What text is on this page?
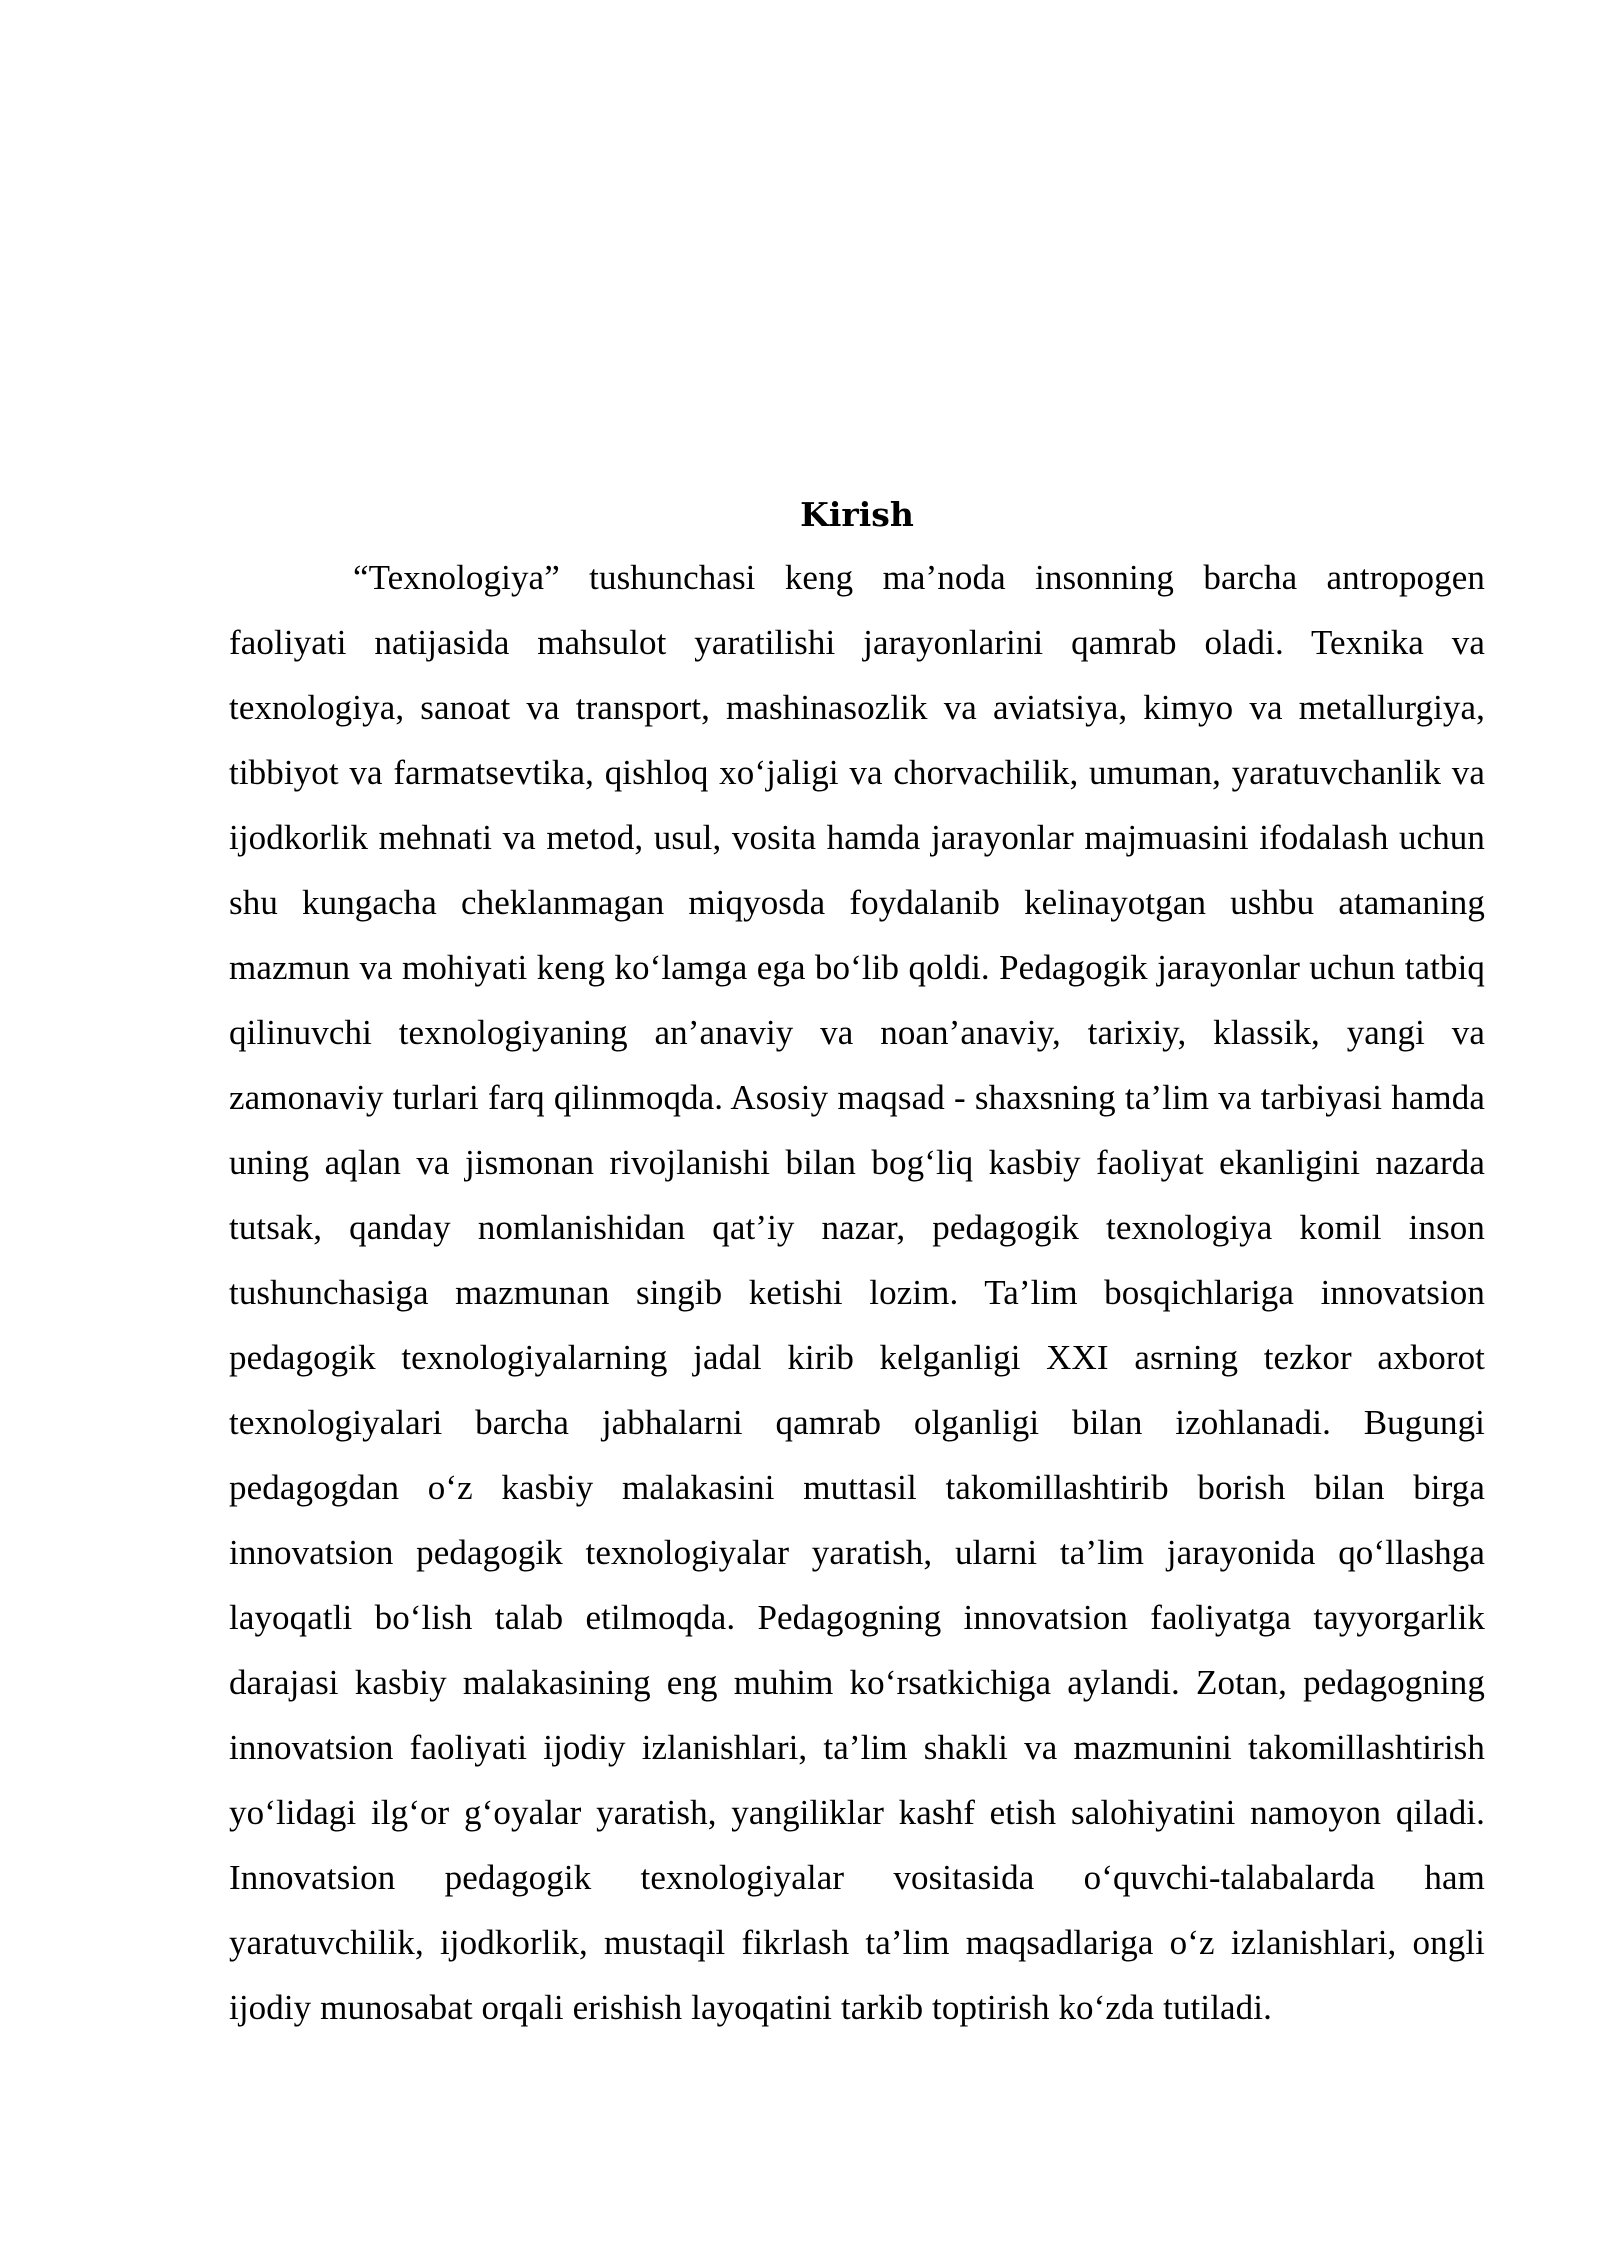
Kirish

“Texnologiya” tushunchasi keng ma’noda insonning barcha antropogen faoliyati natijasida mahsulot yaratilishi jarayonlarini qamrab oladi. Texnika va texnologiya, sanoat va transport, mashinasozlik va aviatsiya, kimyo va metallurgiya, tibbiyot va farmatsevtika, qishloq xo‘jaligi va chorvachilik, umuman, yaratuvchanlik va ijodkorlik mehnati va metod, usul, vosita hamda jarayonlar majmuasini ifodalash uchun shu kungacha cheklanmagan miqyosda foydalanib kelinayotgan ushbu atamaning mazmun va mohiyati keng ko‘lamga ega bo‘lib qoldi. Pedagogik jarayonlar uchun tatbiq qilinuvchi texnologiyaning an’anaviy va noan’anaviy, tarixiy, klassik, yangi va zamonaviy turlari farq qilinmoqda. Asosiy maqsad - shaxsning ta’lim va tarbiyasi hamda uning aqlan va jismonan rivojlanishi bilan bog‘liq kasbiy faoliyat ekanligini nazarda tutsak, qanday nomlanishidan qat’iy nazar, pedagogik texnologiya komil inson tushunchasiga mazmunan singib ketishi lozim. Ta’lim bosqichlariga innovatsion pedagogik texnologiyalarning jadal kirib kelganligi XXI asrning tezkor axborot texnologiyalari barcha jabhalarni qamrab olganligi bilan izohlanadi. Bugungi pedagogdan o‘z kasbiy malakasini muttasil takomillashtirib borish bilan birga innovatsion pedagogik texnologiyalar yaratish, ularni ta’lim jarayonida qo‘llashga layoqatli bo‘lish talab etilmoqda. Pedagogning innovatsion faoliyatga tayyorgarlik darajasi kasbiy malakasining eng muhim ko‘rsatkichiga aylandi. Zotan, pedagogning innovatsion faoliyati ijodiy izlanishlari, ta’lim shakli va mazmunini takomillashtirish yo‘lidagi ilg‘or g‘oyalar yaratish, yangiliklar kashf etish salohiyatini namoyon qiladi. Innovatsion pedagogik texnologiyalar vositasida o‘quvchi-talabalarda ham yaratuvchilik, ijodkorlik, mustaqil fikrlash ta’lim maqsadlariga o‘z izlanishlari, ongli ijodiy munosabat orqali erishish layoqatini tarkib toptirish ko‘zda tutiladi.
